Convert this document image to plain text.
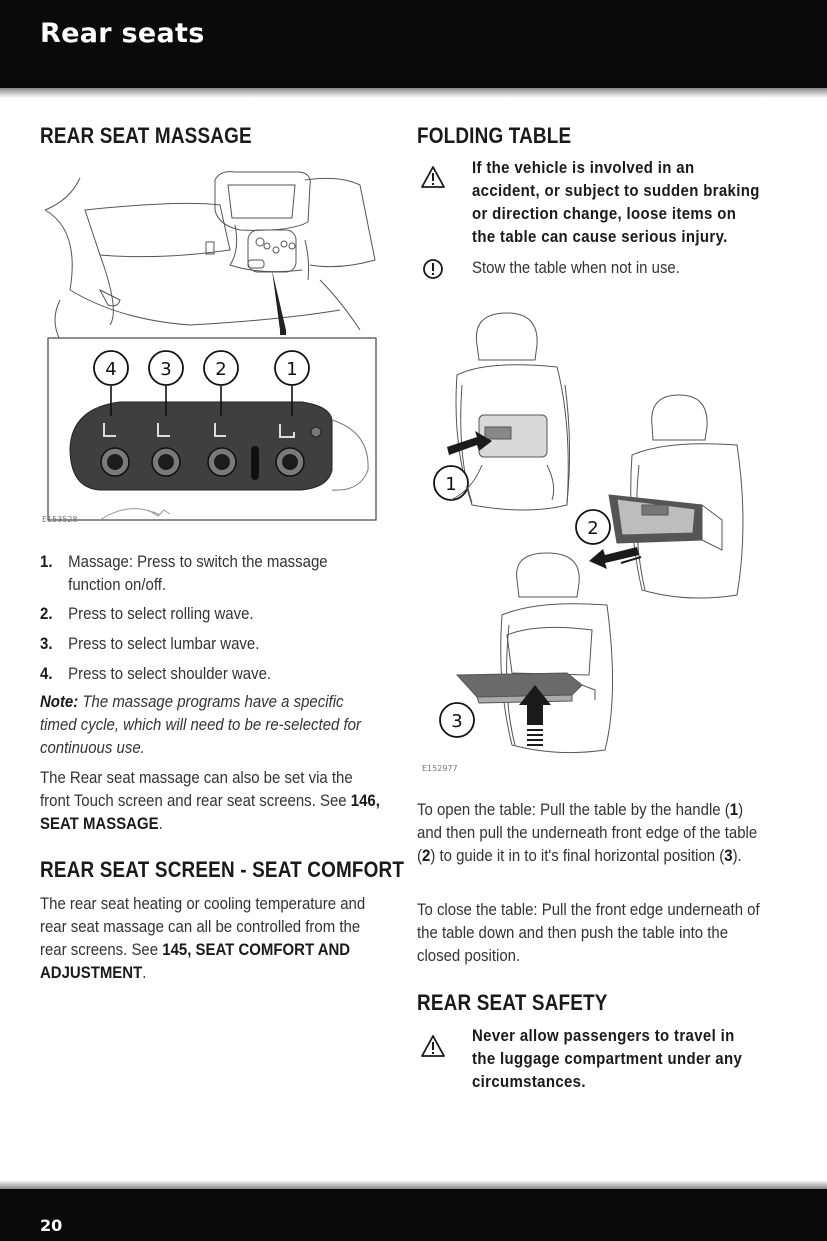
Rear seats
REAR SEAT MASSAGE
4 3 2	1
E153528
1. Massage: Press to switch the massage function on/off.
2. Press to select rolling wave.
3. Press to select lumbar wave.
4. Press to select shoulder wave.

Note: The massage programs have a specific timed cycle, which will need to be re-selected for continuous use.

The Rear seat massage can also be set via the front Touch screen and rear seat screens. See 146, SEAT MASSAGE.

REAR SEAT SCREEN - SEAT COMFORT

The rear seat heating or cooling temperature and rear seat massage can all be controlled from the rear screens. See 145, SEAT COMFORT AND ADJUSTMENT.

FOLDING TABLE

If the vehicle is involved in an accident, or subject to sudden braking or direction change, loose items on the table can cause serious injury.

Stow the table when not in use.

1
2
3
E152977

To open the table: Pull the table by the handle (1) and then pull the underneath front edge of the table (2) to guide it in to it's final horizontal position (3).

To close the table: Pull the front edge underneath of the table down and then push the table into the closed position.

REAR SEAT SAFETY

Never allow passengers to travel in the luggage compartment under any circumstances.

20
